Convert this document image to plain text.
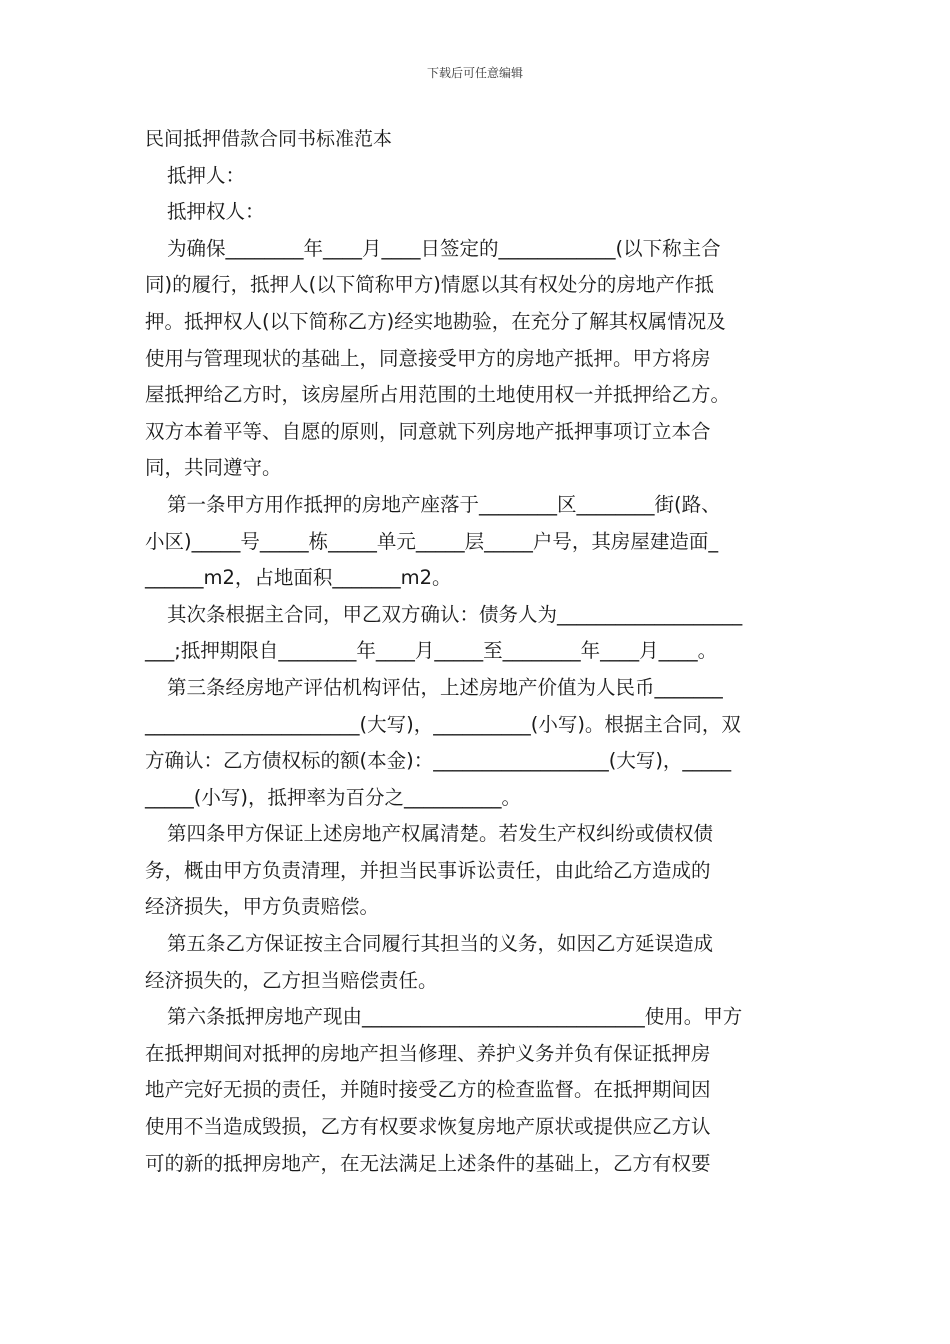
下载后可任意编辑
民间抵押借款合同书标准范本
抵押人：
抵押权人：
为确保________年____月____日签定的____________(以下称主合
同)的履行，抵押人(以下简称甲方)情愿以其有权处分的房地产作抵
押。抵押权人(以下简称乙方)经实地勘验，在充分了解其权属情况及
使用与管理现状的基础上，同意接受甲方的房地产抵押。甲方将房
屋抵押给乙方时，该房屋所占用范围的土地使用权一并抵押给乙方。
双方本着平等、自愿的原则，同意就下列房地产抵押事项订立本合
同，共同遵守。
第一条甲方用作抵押的房地产座落于________区________街(路、
小区)_____号_____栋_____单元_____层_____户号，其房屋建造面_
______m2，占地面积_______m2。
其次条根据主合同，甲乙双方确认：债务人为___________________
___;抵押期限自________年____月_____至________年____月____。
第三条经房地产评估机构评估，上述房地产价值为人民币_______
______________________(大写)，__________(小写)。根据主合同，双
方确认：乙方债权标的额(本金)：__________________(大写)，_____
_____(小写)，抵押率为百分之__________。
第四条甲方保证上述房地产权属清楚。若发生产权纠纷或债权债
务，概由甲方负责清理，并担当民事诉讼责任，由此给乙方造成的
经济损失，甲方负责赔偿。
第五条乙方保证按主合同履行其担当的义务，如因乙方延误造成
经济损失的，乙方担当赔偿责任。
第六条抵押房地产现由_____________________________使用。甲方
在抵押期间对抵押的房地产担当修理、养护义务并负有保证抵押房
地产完好无损的责任，并随时接受乙方的检查监督。在抵押期间因
使用不当造成毁损，乙方有权要求恢复房地产原状或提供应乙方认
可的新的抵押房地产，在无法满足上述条件的基础上，乙方有权要
